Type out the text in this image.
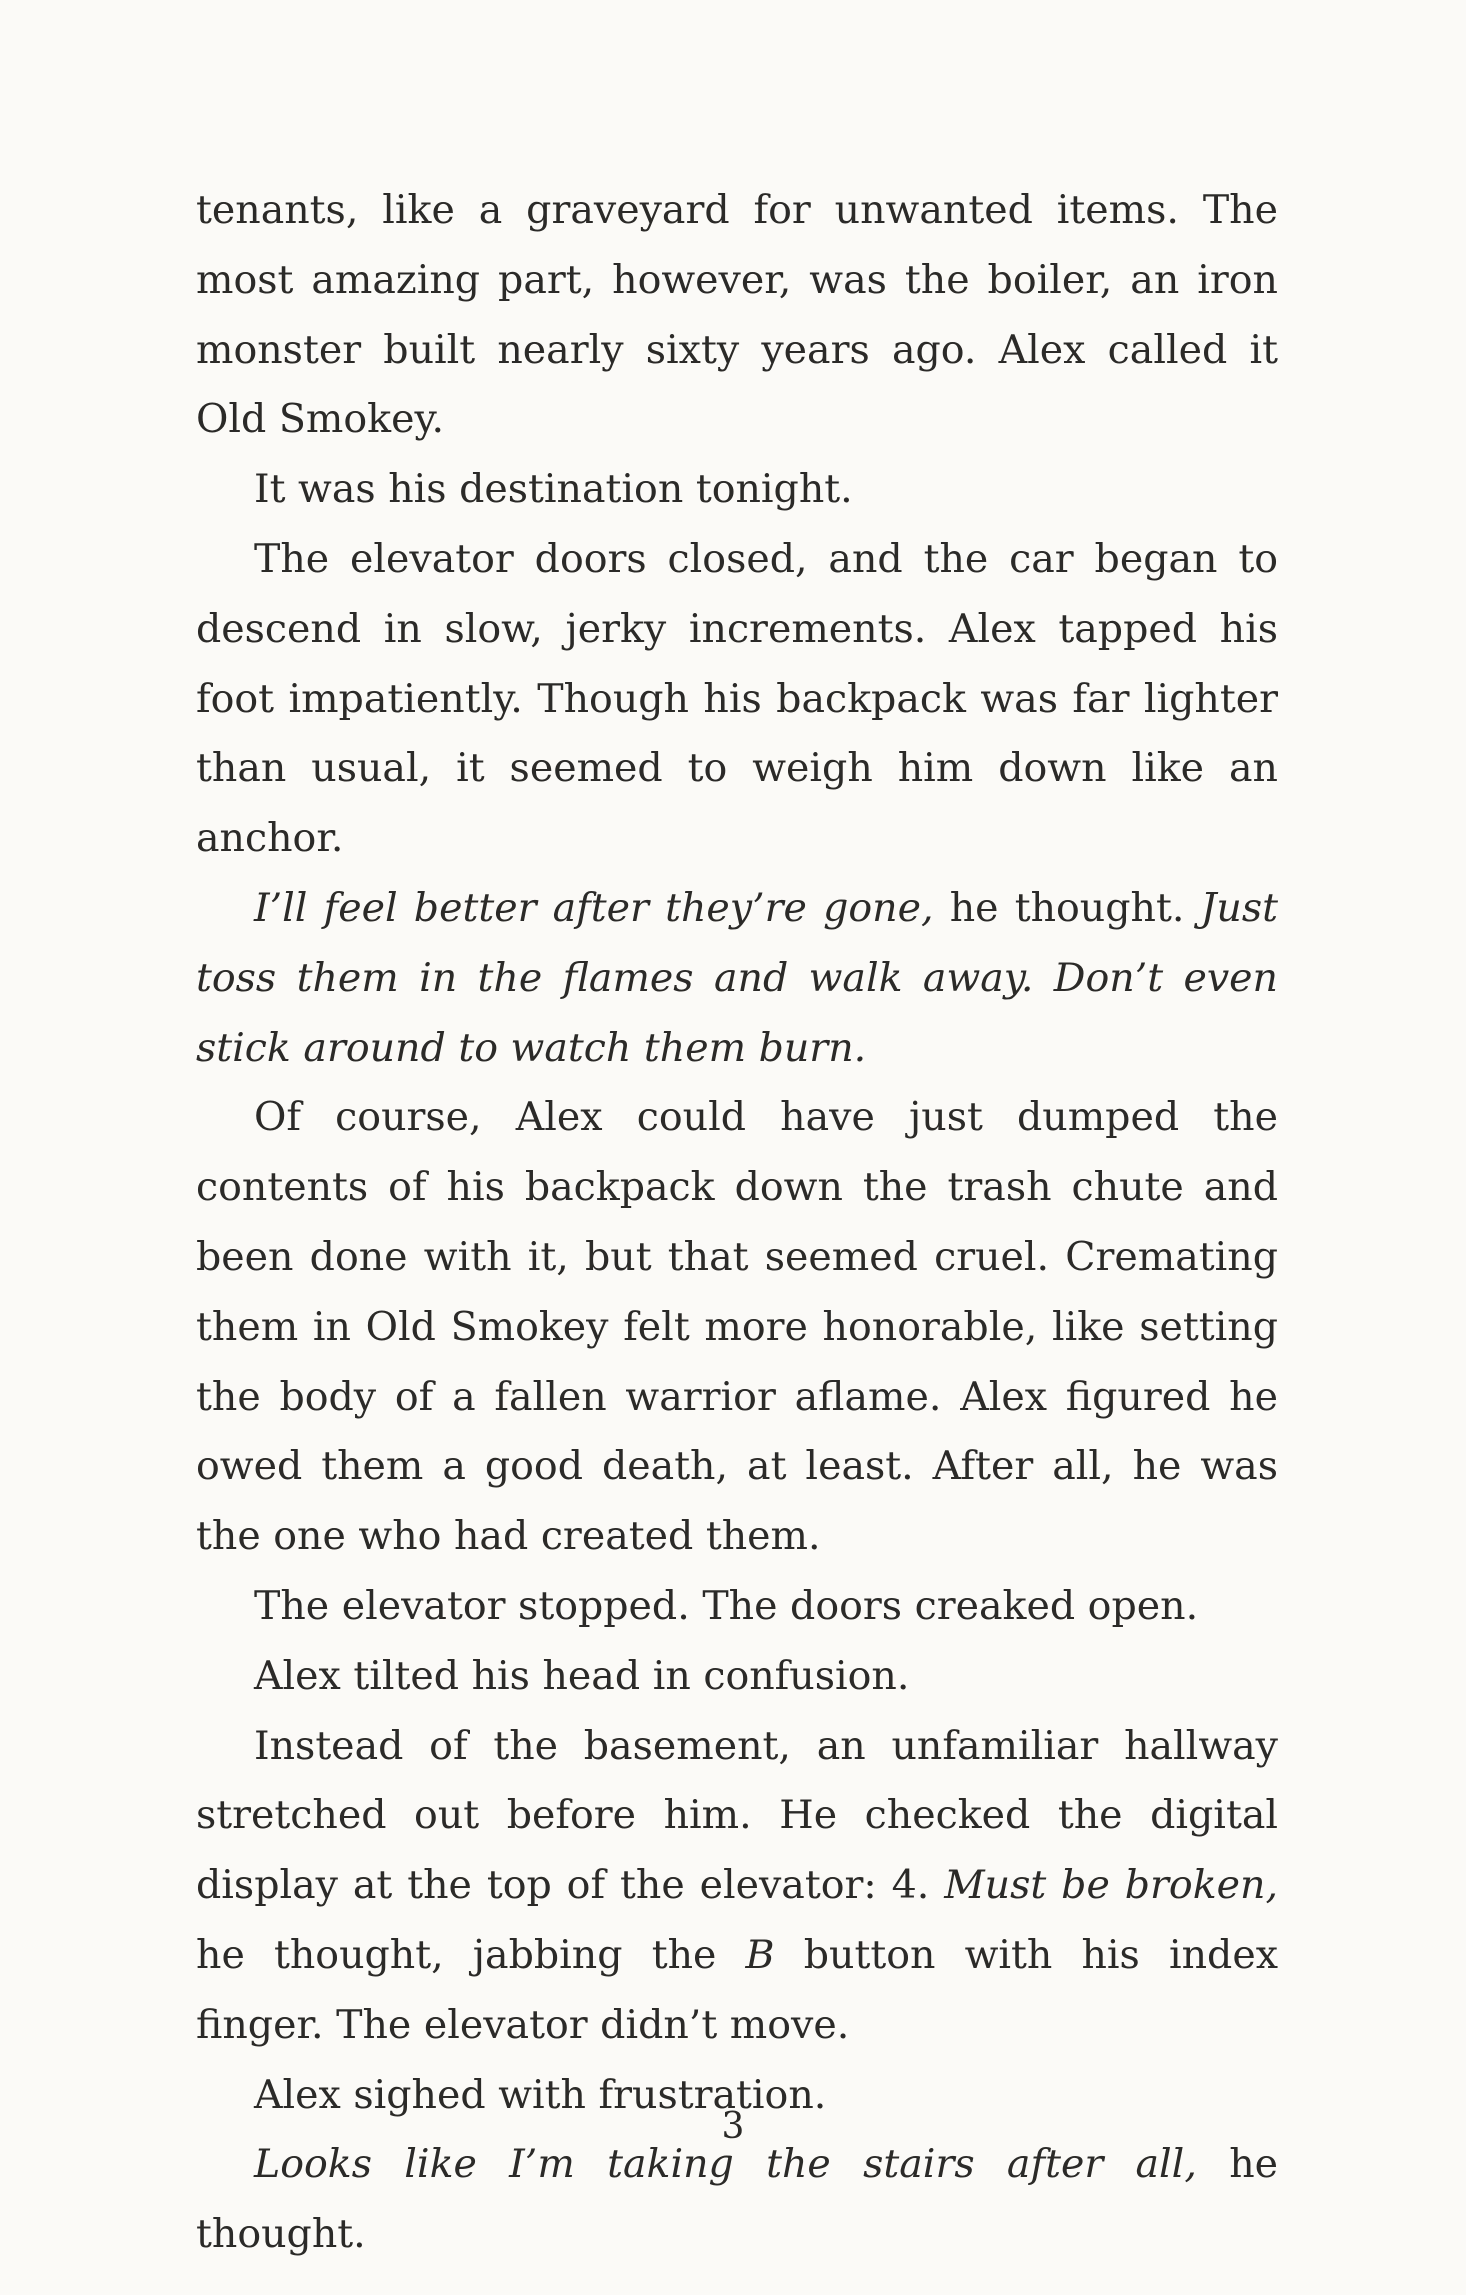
tenants, like a graveyard for unwanted items. The most amazing part, however, was the boiler, an iron monster built nearly sixty years ago. Alex called it Old Smokey.

It was his destination tonight.

The elevator doors closed, and the car began to descend in slow, jerky increments. Alex tapped his foot impatiently. Though his backpack was far lighter than usual, it seemed to weigh him down like an anchor.

I’ll feel better after they’re gone, he thought. Just toss them in the flames and walk away. Don’t even stick around to watch them burn.

Of course, Alex could have just dumped the contents of his backpack down the trash chute and been done with it, but that seemed cruel. Cremating them in Old Smokey felt more honorable, like setting the body of a fallen warrior aflame. Alex figured he owed them a good death, at least. After all, he was the one who had created them.

The elevator stopped. The doors creaked open.

Alex tilted his head in confusion.

Instead of the basement, an unfamiliar hallway stretched out before him. He checked the digital display at the top of the elevator: 4. Must be broken, he thought, jabbing the B button with his index finger. The elevator didn’t move.

Alex sighed with frustration.

Looks like I’m taking the stairs after all, he thought.

3
